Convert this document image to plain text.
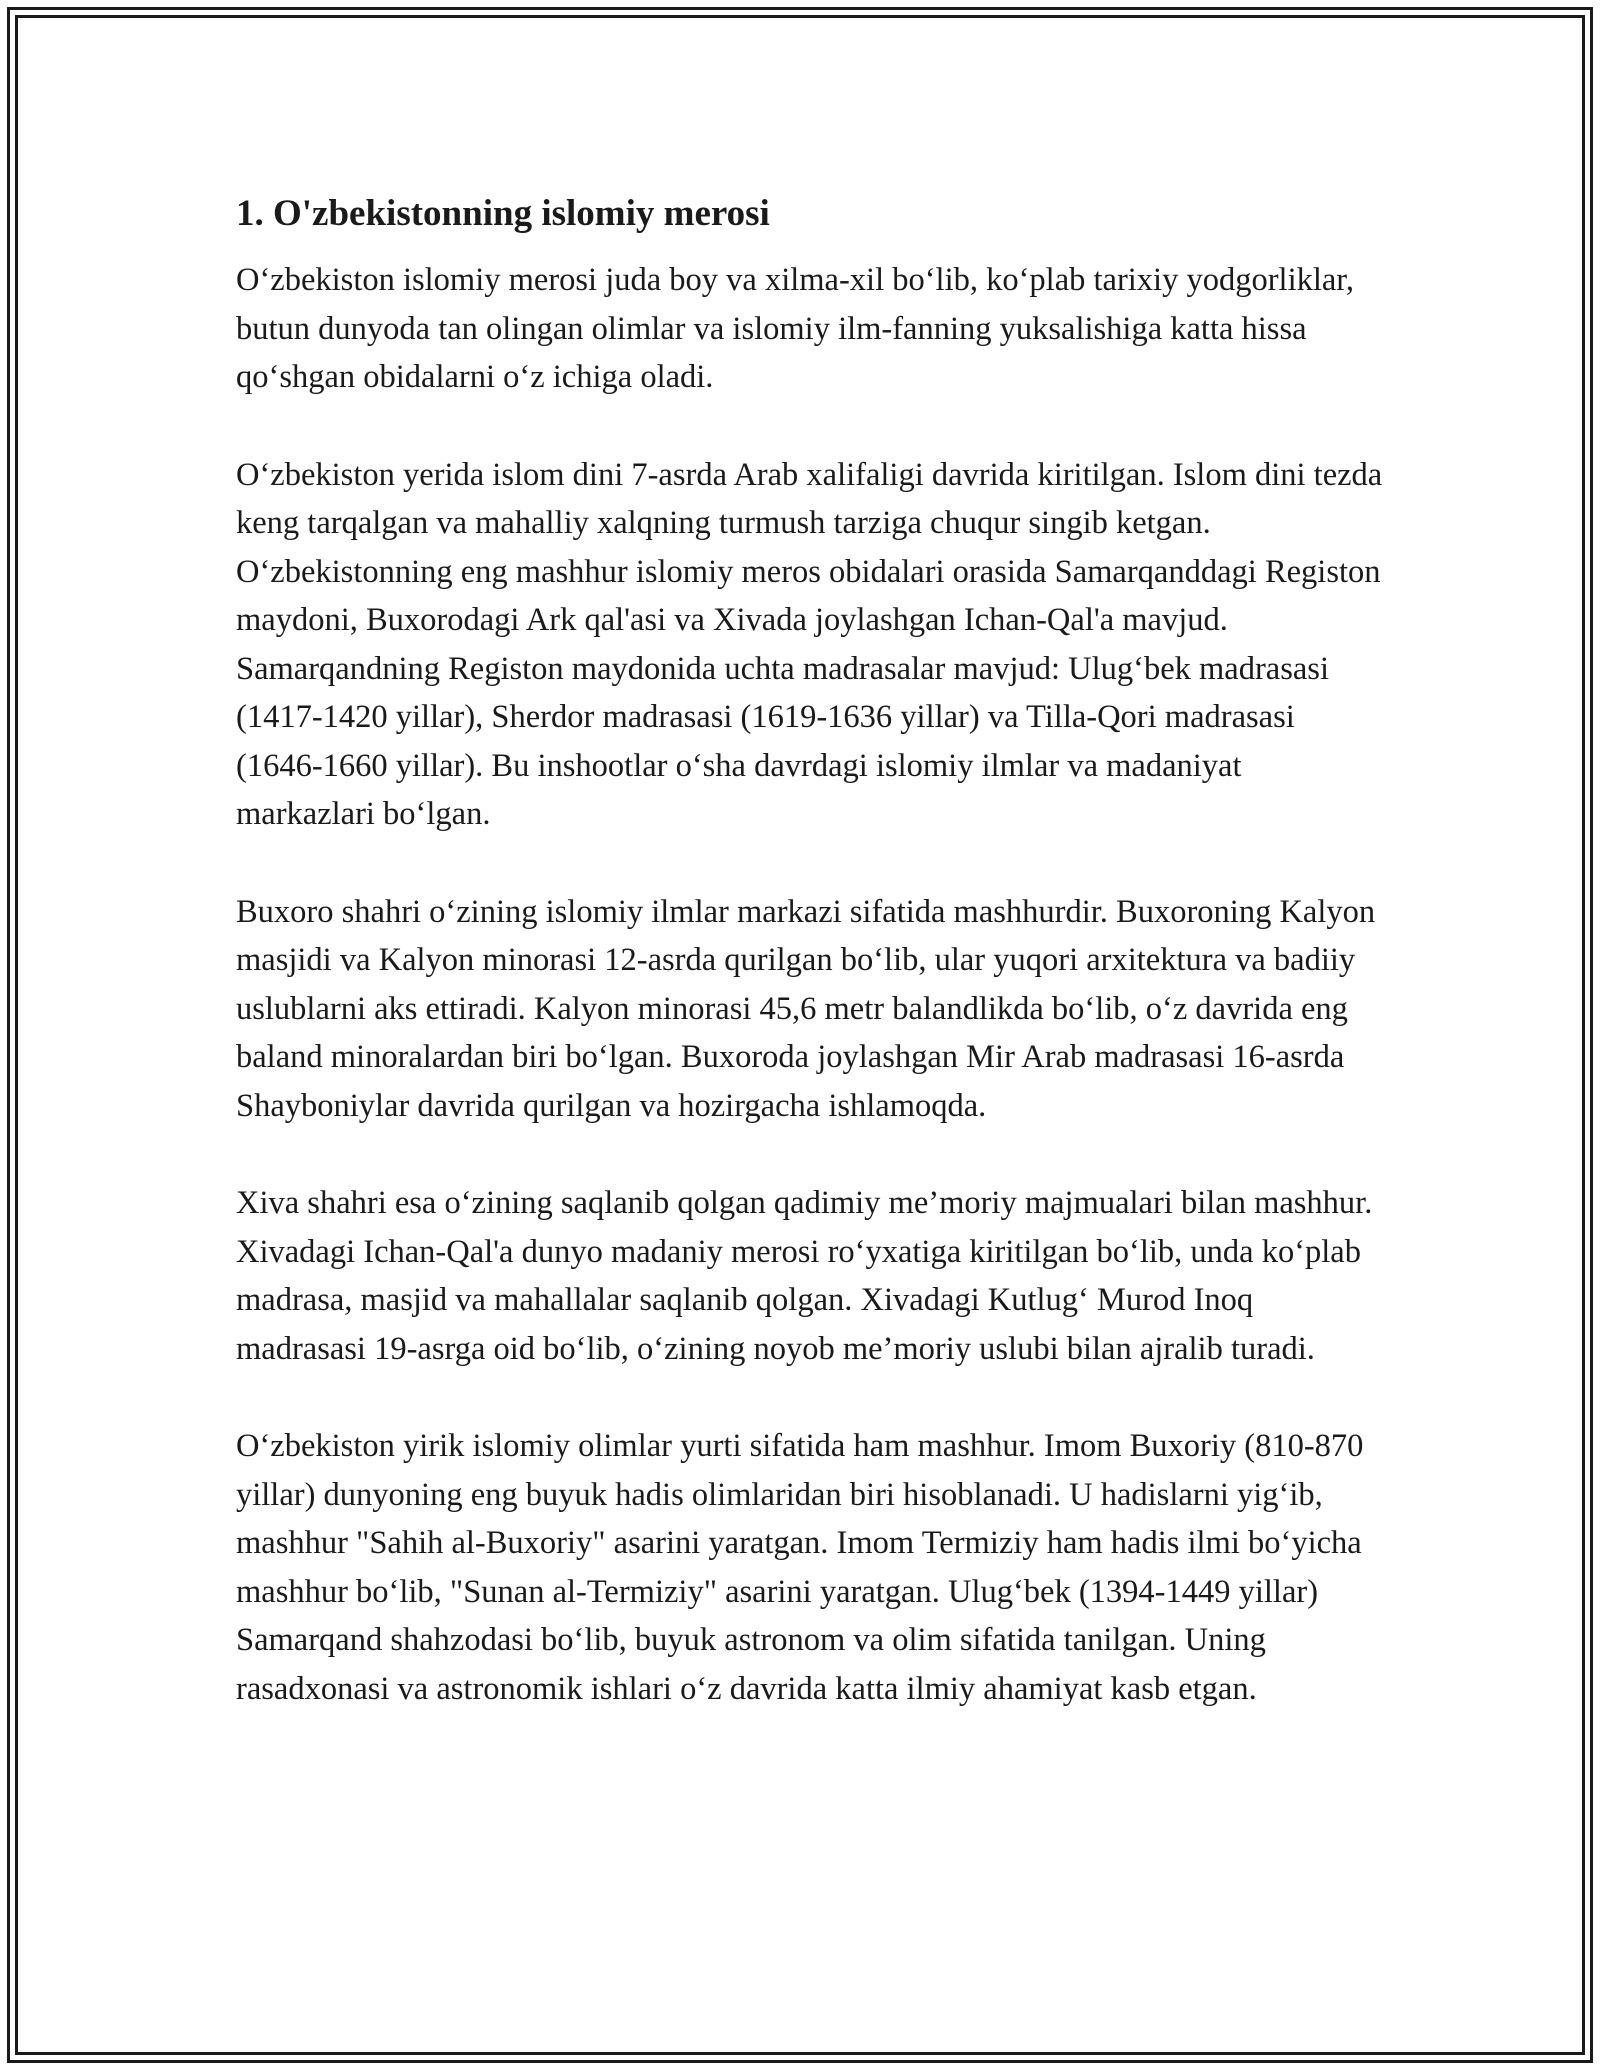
1. O'zbekistonning islomiy merosi

O‘zbekiston islomiy merosi juda boy va xilma-xil bo‘lib, ko‘plab tarixiy yodgorliklar, butun dunyoda tan olingan olimlar va islomiy ilm-fanning yuksalishiga katta hissa qo‘shgan obidalarni o‘z ichiga oladi.

O‘zbekiston yerida islom dini 7-asrda Arab xalifaligi davrida kiritilgan. Islom dini tezda keng tarqalgan va mahalliy xalqning turmush tarziga chuqur singib ketgan. O‘zbekistonning eng mashhur islomiy meros obidalari orasida Samarqanddagi Registon maydoni, Buxorodagi Ark qal'asi va Xivada joylashgan Ichan-Qal'a mavjud. Samarqandning Registon maydonida uchta madrasalar mavjud: Ulug‘bek madrasasi (1417-1420 yillar), Sherdor madrasasi (1619-1636 yillar) va Tilla-Qori madrasasi (1646-1660 yillar). Bu inshootlar o‘sha davrdagi islomiy ilmlar va madaniyat markazlari bo‘lgan.

Buxoro shahri o‘zining islomiy ilmlar markazi sifatida mashhurdir. Buxoroning Kalyon masjidi va Kalyon minorasi 12-asrda qurilgan bo‘lib, ular yuqori arxitektura va badiiy uslublarni aks ettiradi. Kalyon minorasi 45,6 metr balandlikda bo‘lib, o‘z davrida eng baland minoralardan biri bo‘lgan. Buxoroda joylashgan Mir Arab madrasasi 16-asrda Shayboniylar davrida qurilgan va hozirgacha ishlamoqda.

Xiva shahri esa o‘zining saqlanib qolgan qadimiy me’moriy majmualari bilan mashhur. Xivadagi Ichan-Qal'a dunyo madaniy merosi ro‘yxatiga kiritilgan bo‘lib, unda ko‘plab madrasa, masjid va mahallalar saqlanib qolgan. Xivadagi Kutlug‘ Murod Inoq madrasasi 19-asrga oid bo‘lib, o‘zining noyob me’moriy uslubi bilan ajralib turadi.

O‘zbekiston yirik islomiy olimlar yurti sifatida ham mashhur. Imom Buxoriy (810-870 yillar) dunyoning eng buyuk hadis olimlaridan biri hisoblanadi. U hadislarni yig‘ib, mashhur "Sahih al-Buxoriy" asarini yaratgan. Imom Termiziy ham hadis ilmi bo‘yicha mashhur bo‘lib, "Sunan al-Termiziy" asarini yaratgan. Ulug‘bek (1394-1449 yillar) Samarqand shahzodasi bo‘lib, buyuk astronom va olim sifatida tanilgan. Uning rasadxonasi va astronomik ishlari o‘z davrida katta ilmiy ahamiyat kasb etgan.
